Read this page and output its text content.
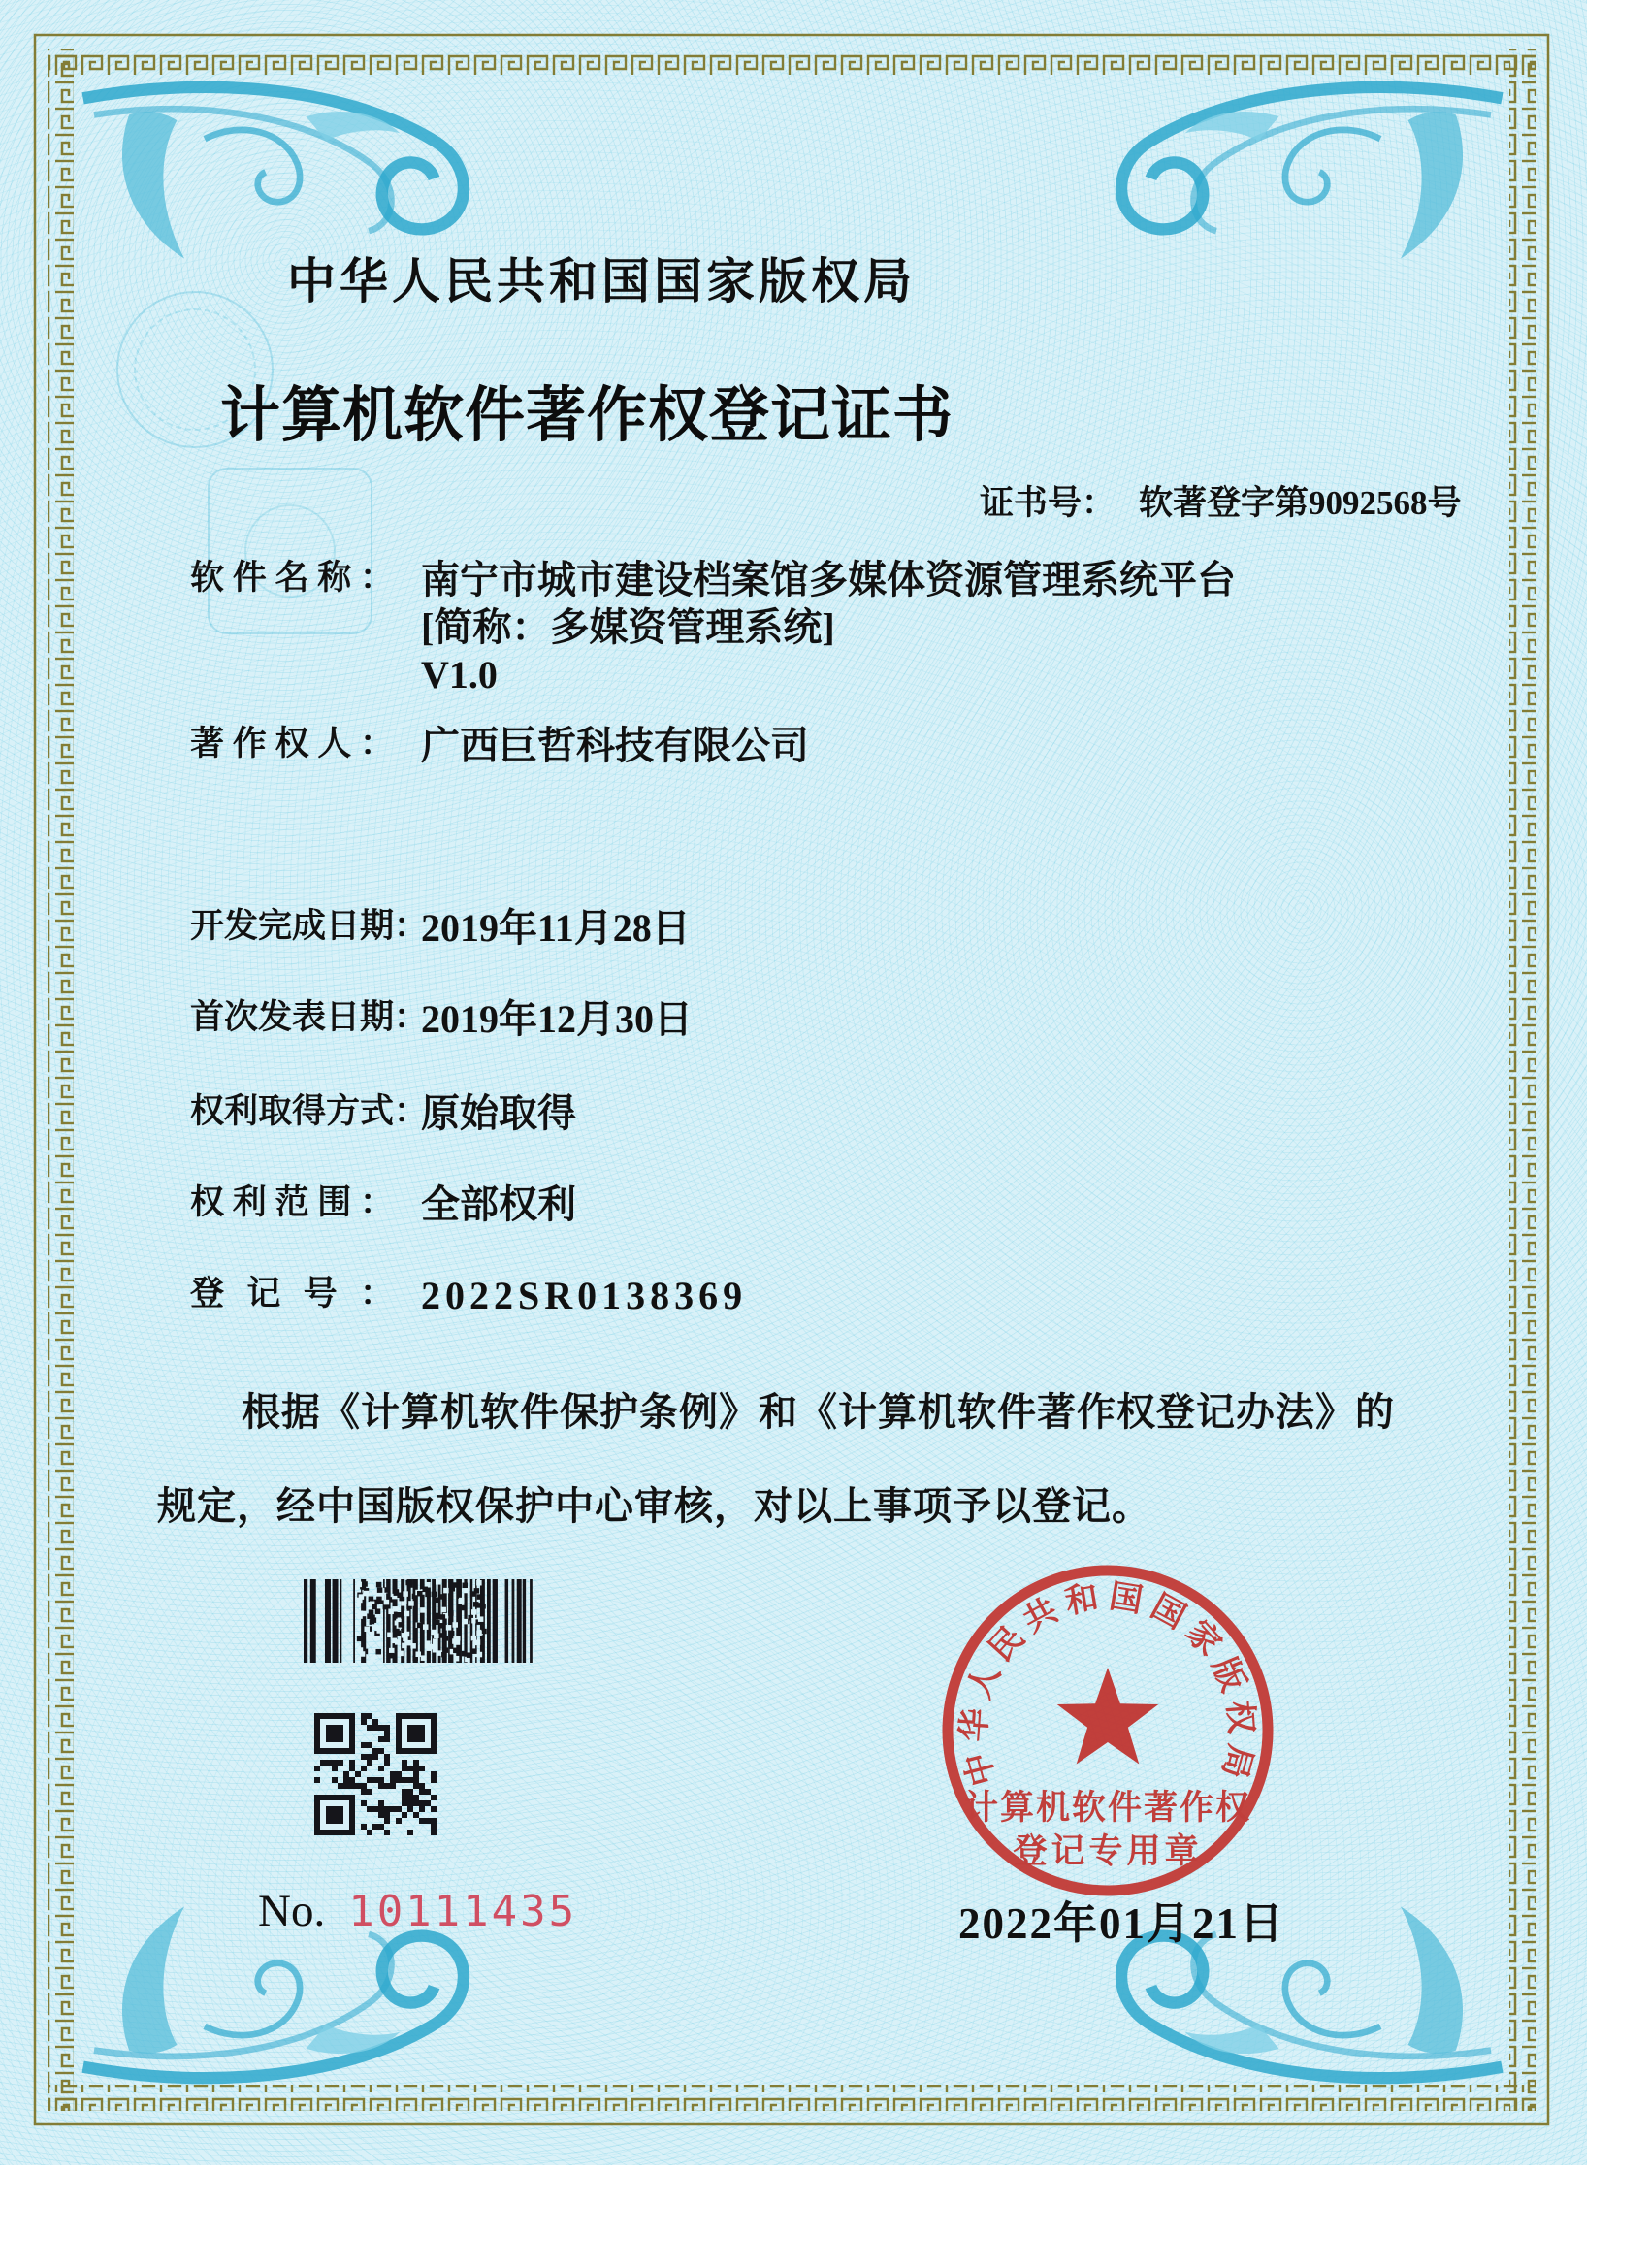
中华人民共和国国家版权局
计算机软件著作权登记证书
证书号： 软著登字第9092568号
软件名称： 南宁市城市建设档案馆多媒体资源管理系统平台
[简称：多媒资管理系统]
V1.0
著作权人： 广西巨哲科技有限公司
开发完成日期：
2019年11月28日
首次发表日期：
2019年12月30日
权利取得方式：
原始取得
权利范围： 全部权利
登记号： 2022SR0138369
根据《计算机软件保护条例》和《计算机软件著作权登记办法》的
规定，经中国版权保护中心审核，对以上事项予以登记。
No. 10111435
中华人民共和国国家版权局
计算机软件著作权
登记专用章
2022年01月21日
